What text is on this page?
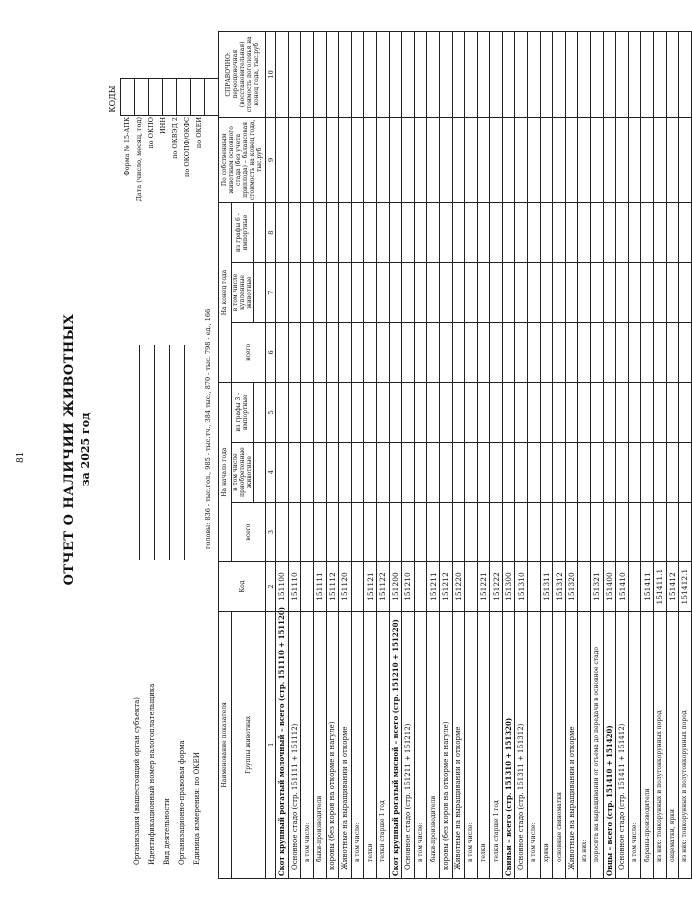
81	ОТЧЕТ О НАЛИЧИИ ЖИВОТНЫХ за 2025 год
КОДЫ
Форма № 15-АПК Дата (число, месяц, год) по ОКПО ИНН по ОКВЭД 2 по ОКОПФ/ОКФС по ОКЕИ

Организация (вышестоящий орган субъекта) Идентификационный номер налогоплательщика Вид деятельности Организационно-правовая форма Единица измерения: по ОКЕИ
головы: 836 - тыс.гол., 985 - тыс.тч., 384 тыс., 870 - тыс. 798 - ед., 166
Наименование показателя	Код	На начало года			На конец года			По собственным животным основного стада (без учета приплода) – балансовая стоимость на конец года, тыс.руб	СПРАВОЧНО: переоценочная (восстановительная) стоимость поголовья на конец года, тыс.руб
Группы животных		всего	в том числе приобретенные животные	из графы 3 - импортные	всего	в том числе купленные животные	из графы 6 - импортные		

1	2	3	4	5	6	7	8	9	10
Скот крупный рогатый молочный – всего (стр. 151110 + 151120)	151100								
Основное стадо (стр. 151111 + 151112)	151110								
в том числе:									
быки-производители	151111								
коровы (без коров на откорме и нагуле)	151112								
Животные на выращивании и откорме	151120								
в том числе:									
телки	151121								
телки старше 1 год	151122								
Скот крупный рогатый мясной – всего (стр. 151210 + 151220)	151200								
Основное стадо (стр. 151211 + 151212)	151210								
в том числе:									
быки-производители	151211								
коровы (без коров на откорме и нагуле)	151212								
Животные на выращивании и откорме	151220								
в том числе:									
телки	151221								
телки старше 1 год	151222								
Свиньи – всего (стр. 151310 + 151320)	151300								
Основное стадо (стр. 151311 + 151312)	151310								
в том числе:									
хряки	151311								
основные свиноматки	151312								
Животные на выращивании и откорме	151320								
из них:									
поросята на выращивании от отъема до передачи в основное стадо	151321								
Овцы – всего (стр. 151410 + 151420)	151400								
Основное стадо (стр. 151411 + 151412)	151410								
в том числе:									
бараны-производители	151411								
из них: тонкорунных и полутонкорунных пород	151411.1								
овцематки, ярки	151412								
из них: тонкорунных и полутонкорунных пород	151412.1								
